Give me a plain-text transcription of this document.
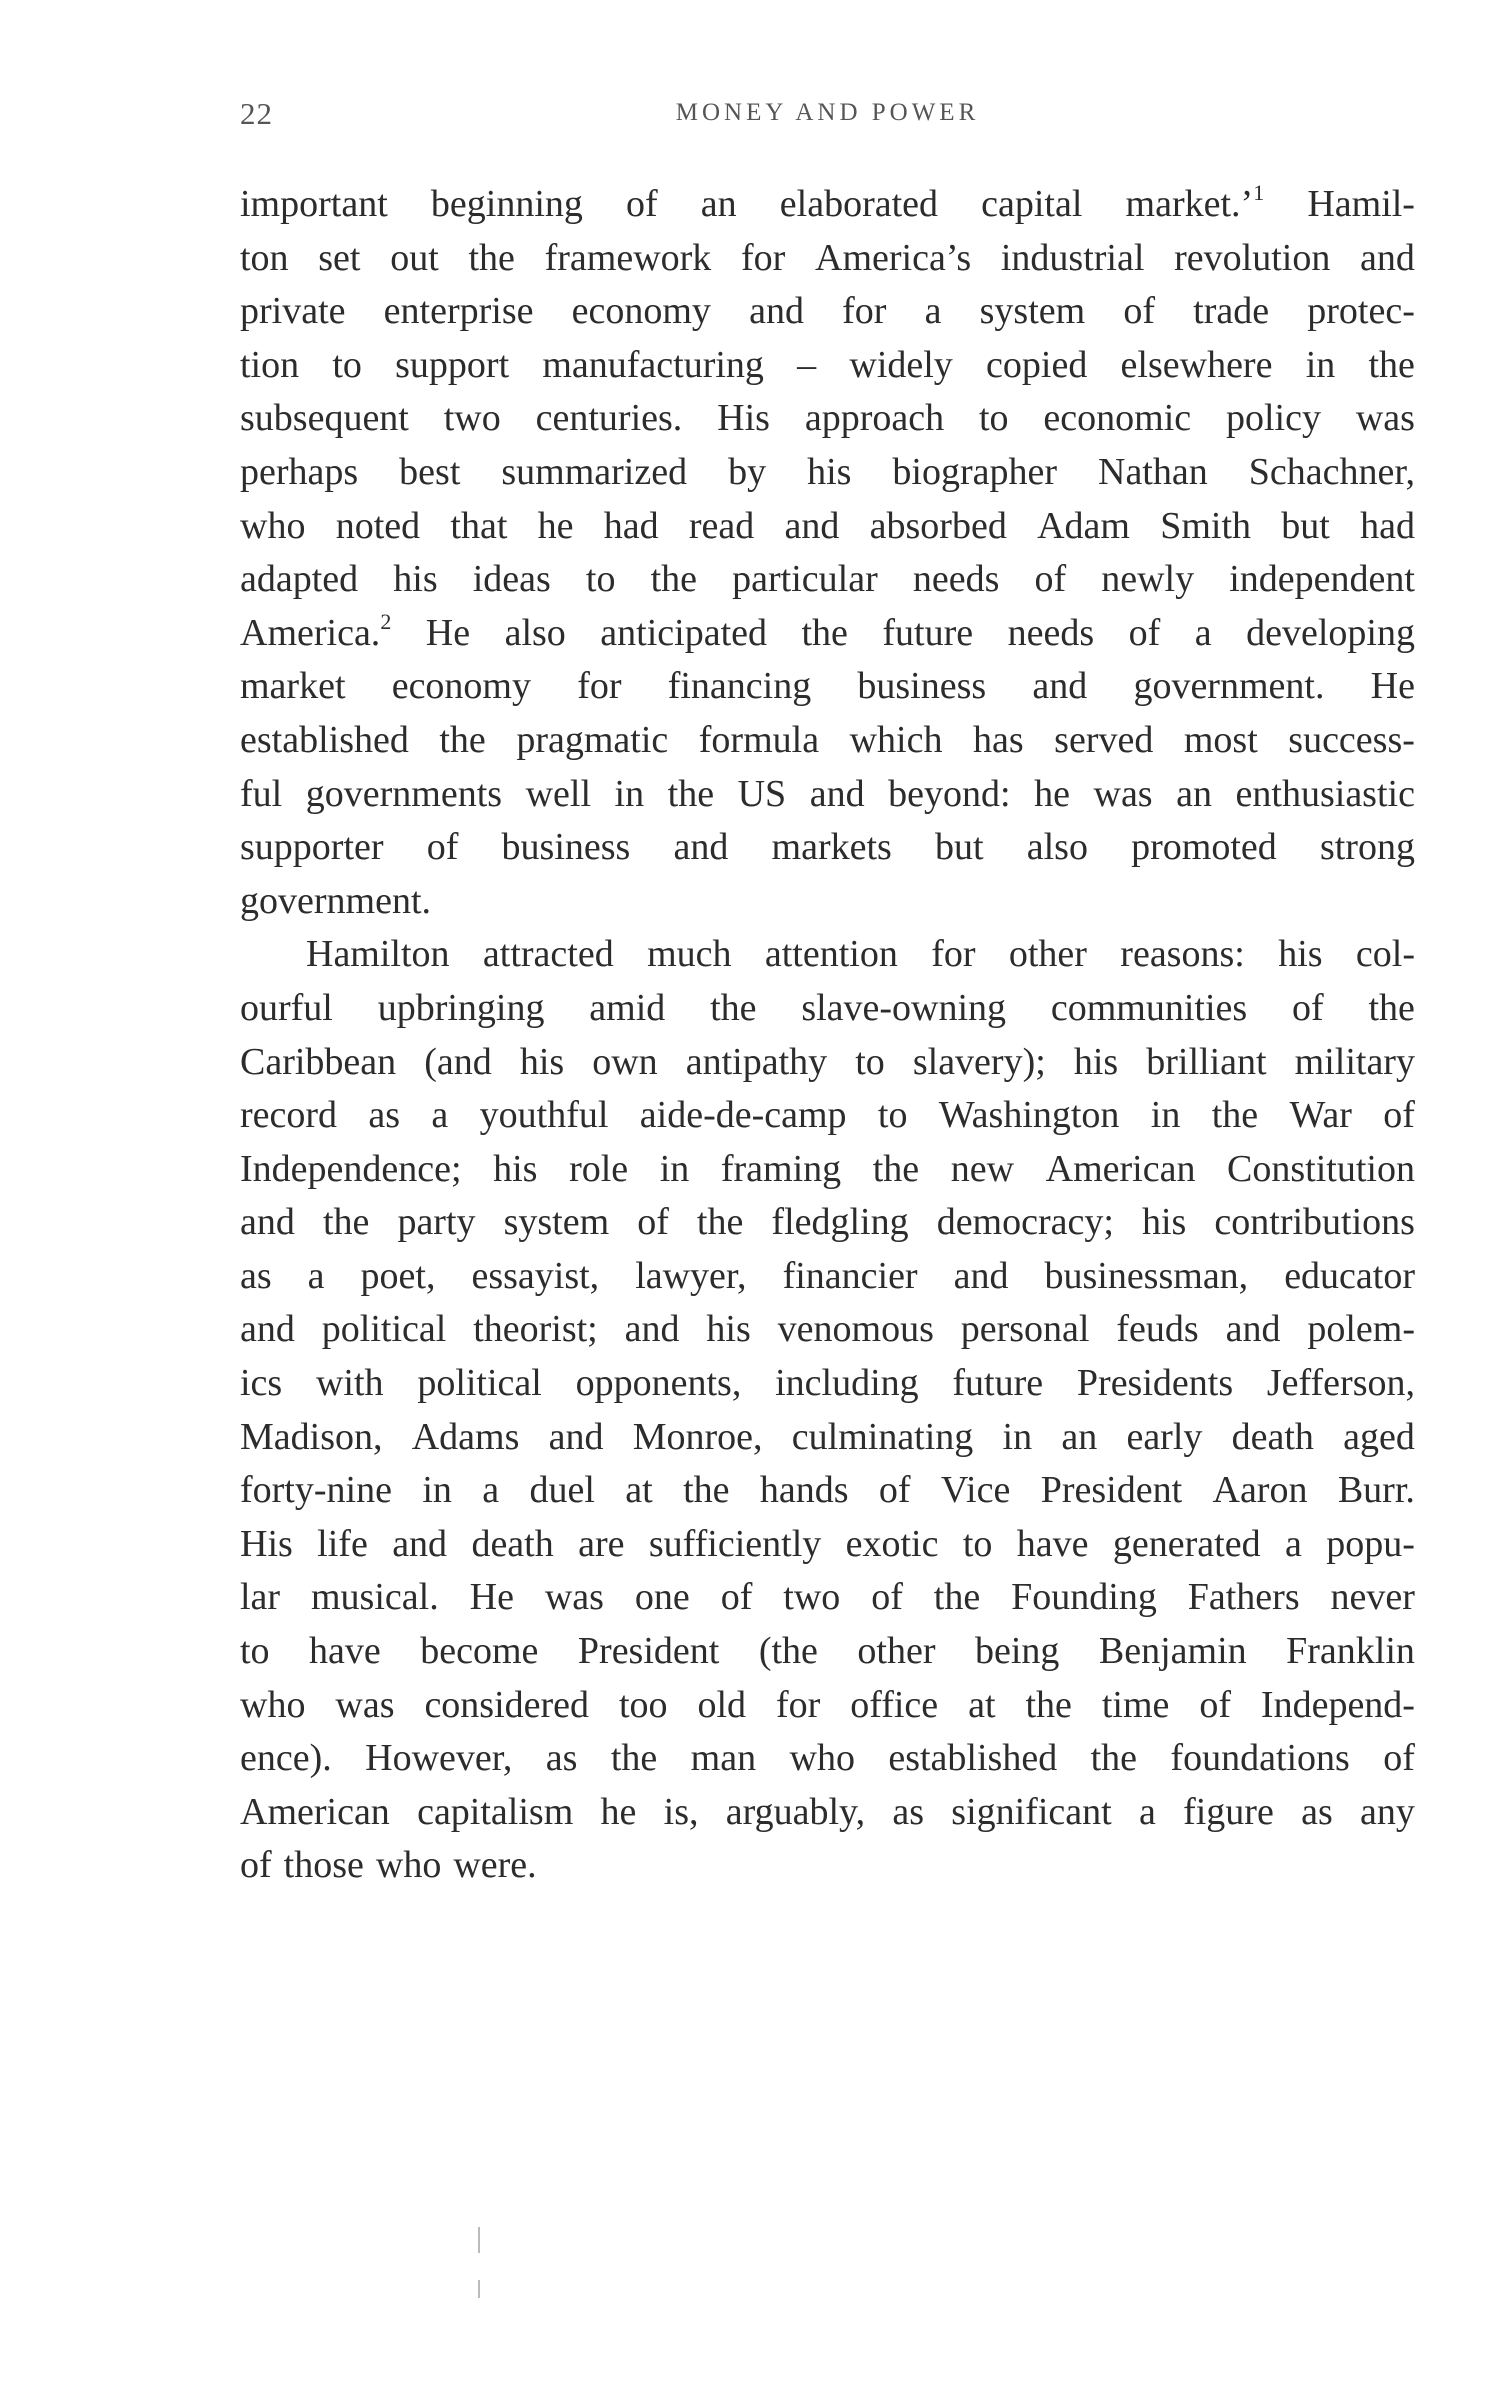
22	MONEY AND POWER
important beginning of an elaborated capital market.’$^1$ Hamil-
ton set out the framework for America’s industrial revolution and
private enterprise economy and for a system of trade protec-
tion to support manufacturing – widely copied elsewhere in the
subsequent two centuries. His approach to economic policy was
perhaps best summarized by his biographer Nathan Schachner,
who noted that he had read and absorbed Adam Smith but had
adapted his ideas to the particular needs of newly independent
America.$^2$ He also anticipated the future needs of a developing
market economy for financing business and government. He
established the pragmatic formula which has served most success-
ful governments well in the US and beyond: he was an enthusiastic
supporter of business and markets but also promoted strong
government.
Hamilton attracted much attention for other reasons: his col-
ourful upbringing amid the slave-owning communities of the
Caribbean (and his own antipathy to slavery); his brilliant military
record as a youthful aide-de-camp to Washington in the War of
Independence; his role in framing the new American Constitution
and the party system of the fledgling democracy; his contributions
as a poet, essayist, lawyer, financier and businessman, educator
and political theorist; and his venomous personal feuds and polem-
ics with political opponents, including future Presidents Jefferson,
Madison, Adams and Monroe, culminating in an early death aged
forty-nine in a duel at the hands of Vice President Aaron Burr.
His life and death are sufficiently exotic to have generated a popu-
lar musical. He was one of two of the Founding Fathers never
to have become President (the other being Benjamin Franklin
who was considered too old for office at the time of Independ-
ence). However, as the man who established the foundations of
American capitalism he is, arguably, as significant a figure as any
of those who were.
